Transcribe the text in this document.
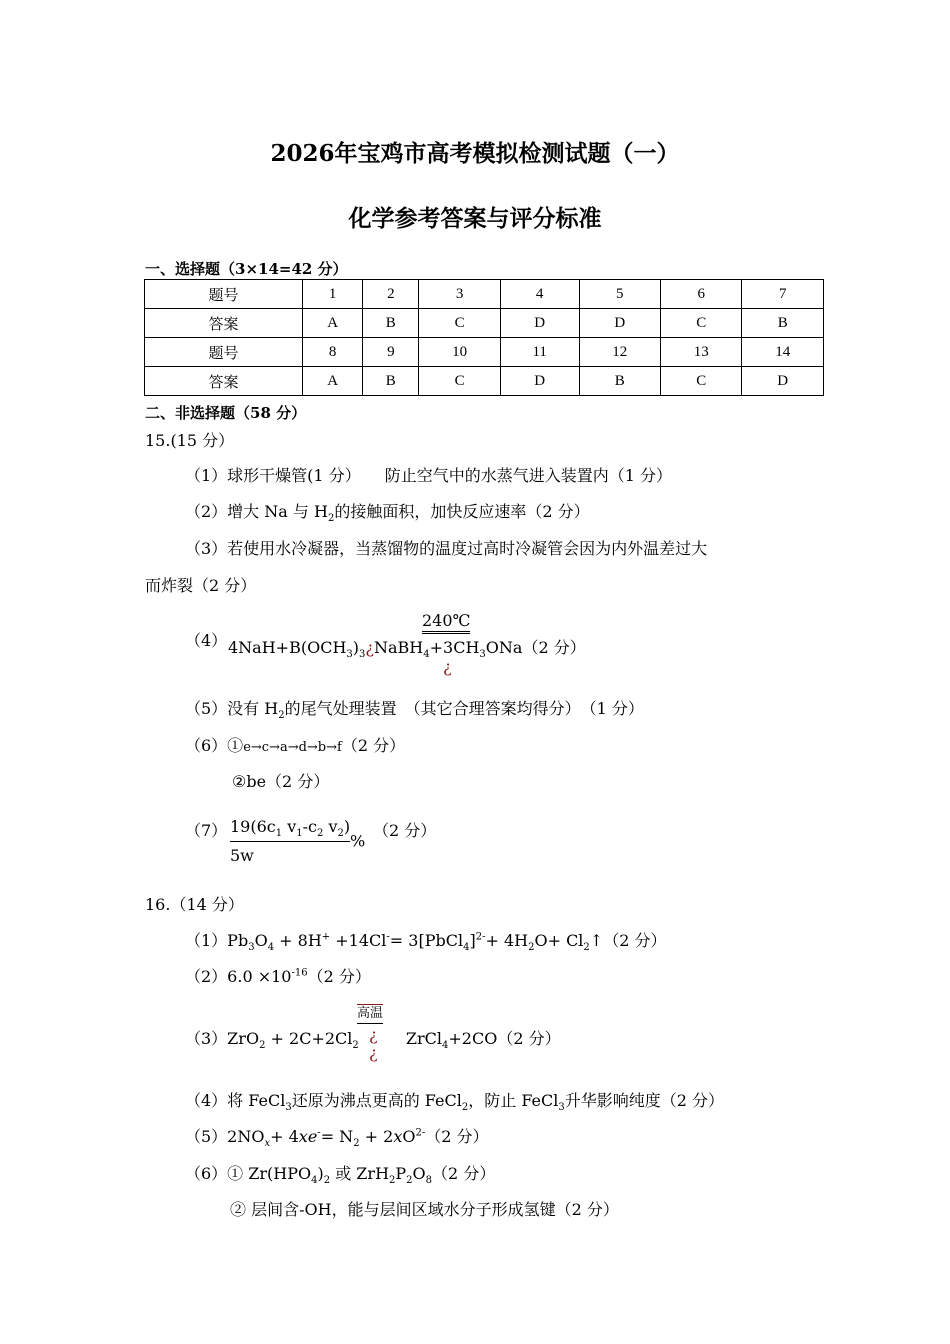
2026年宝鸡市高考模拟检测试题（一）
化学参考答案与评分标准
一、选择题（3×14=42 分）
题号	1	2	3	4	5	6	7
答案	A	B	C	D	D	C	B
题号	8	9	10	11	12	13	14
答案	A	B	C	D	B	C	D
二、非选择题（58 分）
15.(15 分）
（1）球形干燥管(1 分）　　防止空气中的水蒸气进入装置内（1 分）
（2）增大 Na 与 $H_2$的接触面积，加快反应速率（2 分）
（3）若使用水冷凝器，当蒸馏物的温度过高时冷凝管会因为内外温差过大
而炸裂（2 分）
（4）
240℃
$4NaH+B(OCH_3)_3¿NaBH_4+3CH_3ONa(2$ 分）
¿
（5）没有 $H_2$的尾气处理装置　（其它合理答案均得分）　（1 分）
（6）①e→c→a→d→b→f（2 分）
②be（2 分）
$(7) \frac{19(6c_1 v_1-c_2 v_2)}{5w}$ %
（2 分）
16.（14 分）
$(1)Pb_3O_4 + 8H^+ +14Cl^-=$ 3[PbCl$_4$]$^{2-}$+ $4H_2O+$ $Cl_2↑(2$ 分）
$(2)6.0 \times 10^{-16}(2$ 分）
高温
$(3)ZrO_2 + 2C+2Cl_2$	ZrCl$_4$+2CO（2 分）
¿
¿
（4）将 FeCl$_3$还原为沸点更高的 FeCl$_2$，防止 FeCl$_3$升华影响纯度（2 分）
$(5)2NO_x+ 4xe^-= N_2 + 2xO^{2-}(2$ 分）
（6）① $Zr(HPO_4)_2$ 或 $ZrH_2P_2O_8(2$ 分）
② 层间含-OH，能与层间区域水分子形成氢键（2 分）
